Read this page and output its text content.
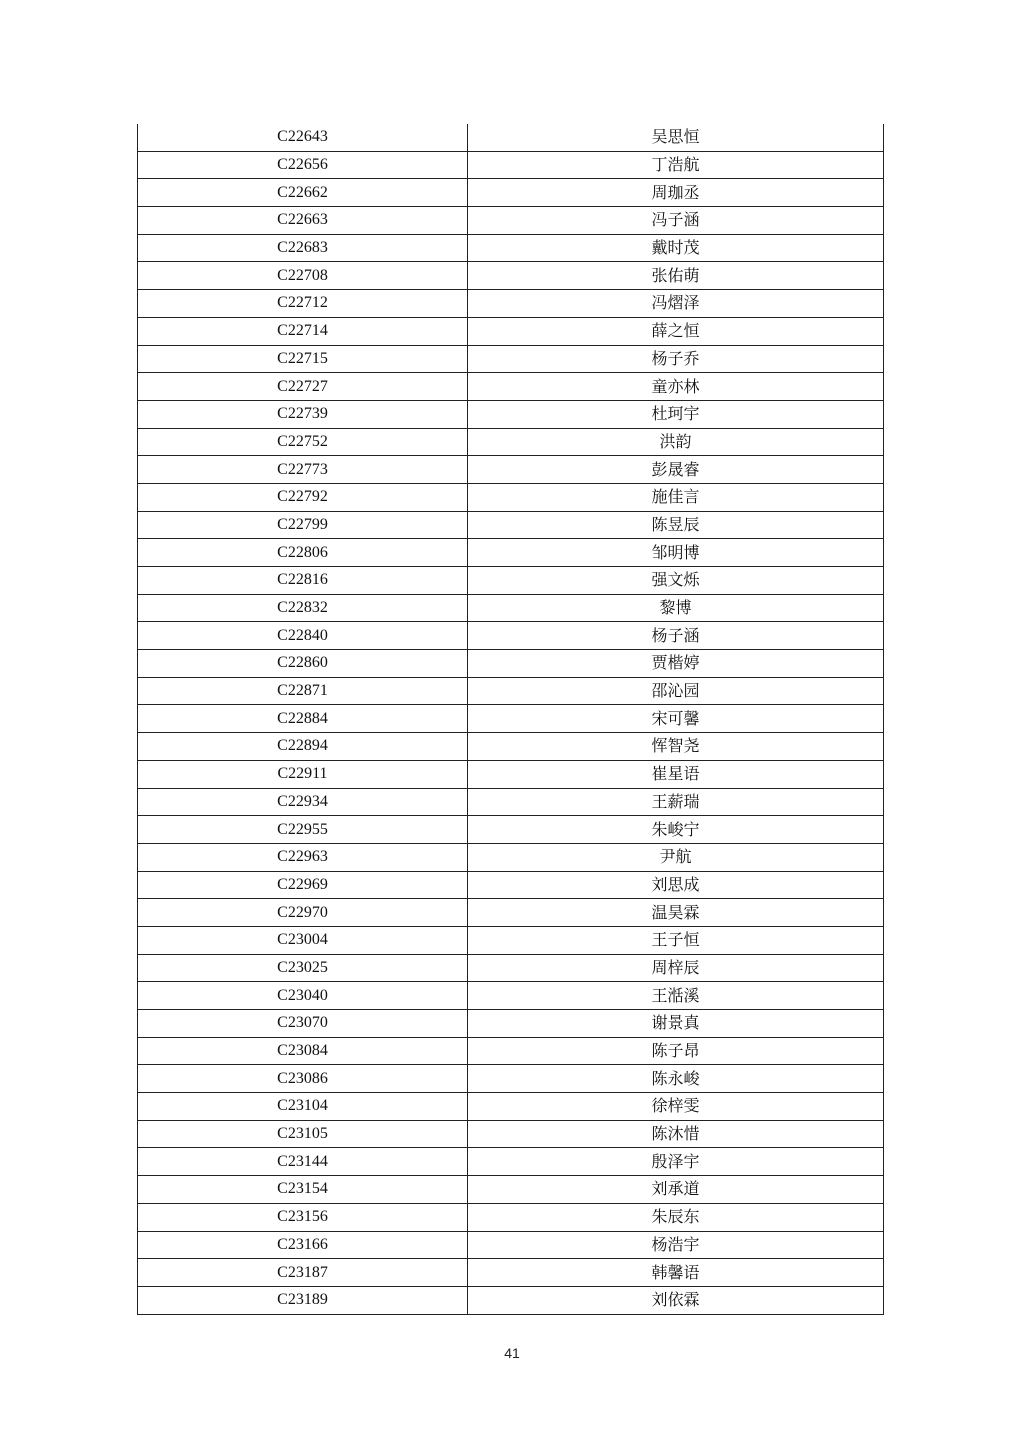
C22643	吴思恒
C22656	丁浩航
C22662	周珈丞
C22663	冯子涵
C22683	戴时茂
C22708	张佑萌
C22712	冯熠泽
C22714	薛之恒
C22715	杨子乔
C22727	童亦林
C22739	杜珂宇
C22752	洪韵
C22773	彭晟睿
C22792	施佳言
C22799	陈昱辰
C22806	邹明博
C22816	强文烁
C22832	黎博
C22840	杨子涵
C22860	贾楷婷
C22871	邵沁园
C22884	宋可馨
C22894	恽智尧
C22911	崔星语
C22934	王薪瑞
C22955	朱峻宁
C22963	尹航
C22969	刘思成
C22970	温昊霖
C23004	王子恒
C23025	周梓辰
C23040	王湉溪
C23070	谢景真
C23084	陈子昂
C23086	陈永峻
C23104	徐梓雯
C23105	陈沐惜
C23144	殷泽宇
C23154	刘承道
C23156	朱辰东
C23166	杨浩宇
C23187	韩馨语
C23189	刘依霖
41
